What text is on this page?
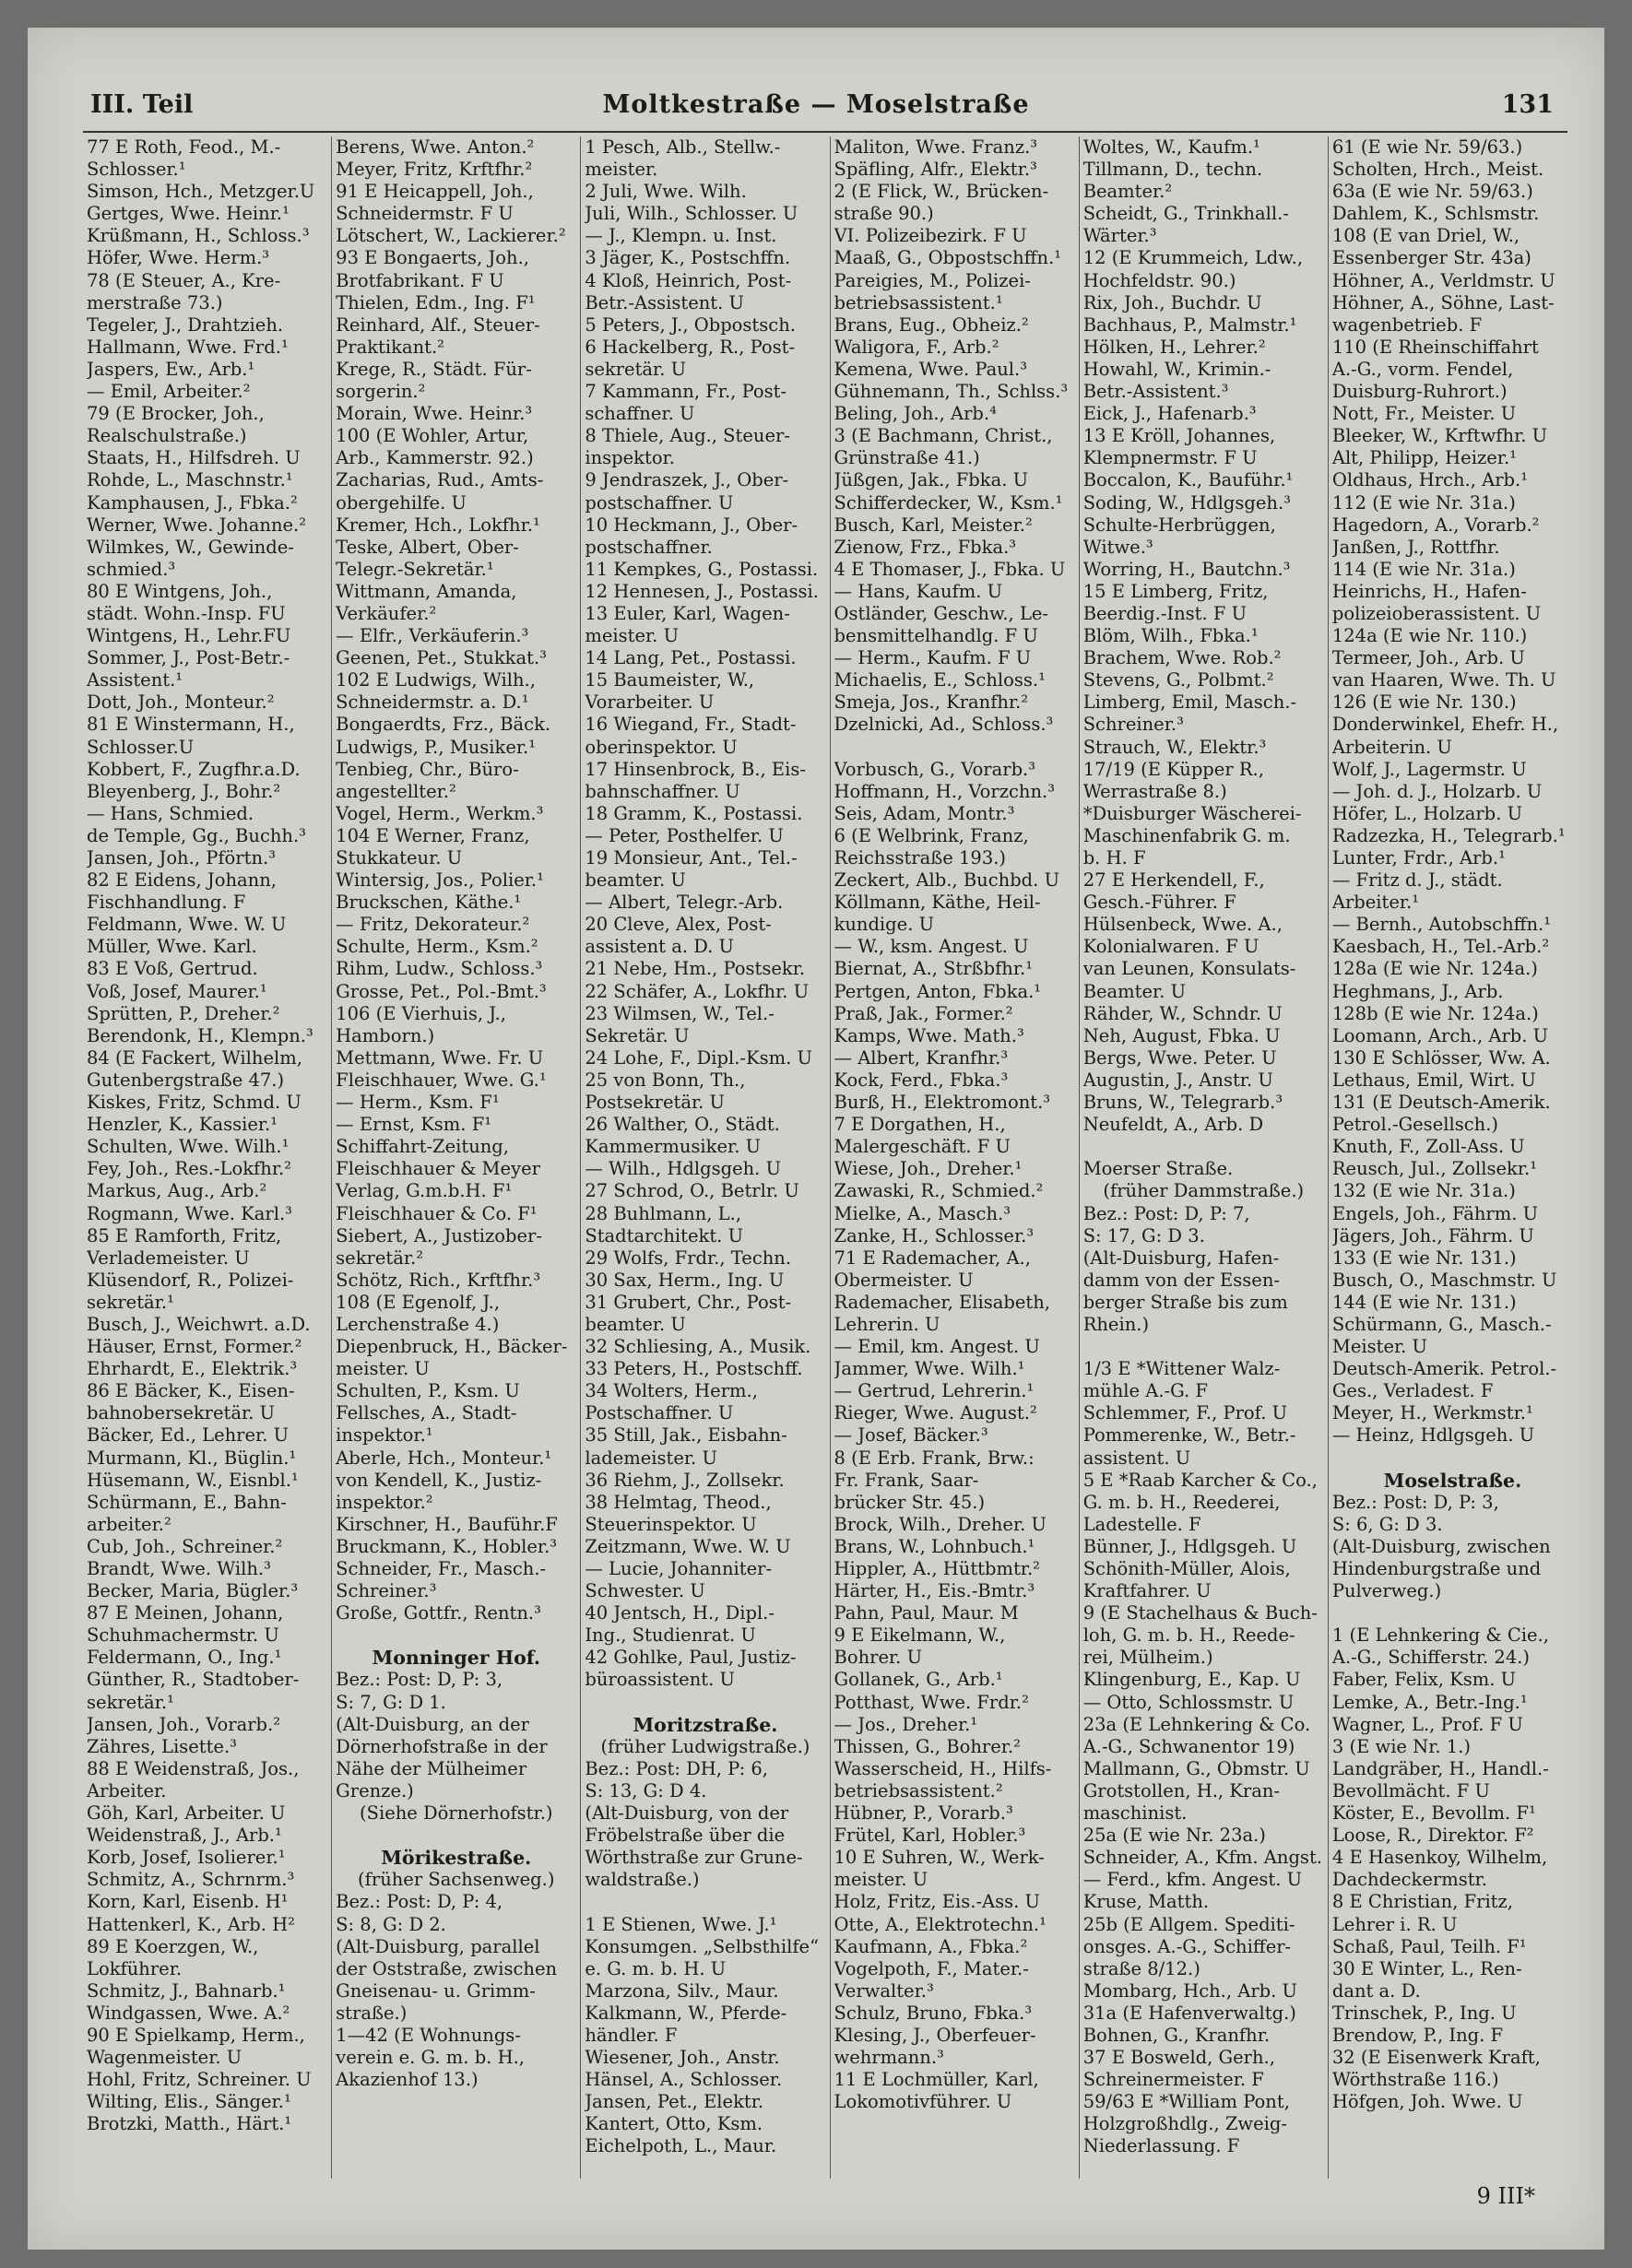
III. Teil	Moltkestraße — Moselstraße	131
77 E Roth, Feod., M.-
Schlosser.¹
Simson, Hch., Metzger.U
Gertges, Wwe. Heinr.¹
Krüßmann, H., Schloss.³
Höfer, Wwe. Herm.³
78 (E Steuer, A., Kre-
merstraße 73.)
Tegeler, J., Drahtzieh.
Hallmann, Wwe. Frd.¹
Jaspers, Ew., Arb.¹
— Emil, Arbeiter.²
79 (E Brocker, Joh.,
Realschulstraße.)
Staats, H., Hilfsdreh. U
Rohde, L., Maschnstr.¹
Kamphausen, J., Fbka.²
Werner, Wwe. Johanne.²
Wilmkes, W., Gewinde-
schmied.³
80 E Wintgens, Joh.,
städt. Wohn.-Insp. FU
Wintgens, H., Lehr.FU
Sommer, J., Post-Betr.-
Assistent.¹
Dott, Joh., Monteur.²
81 E Winstermann, H.,
Schlosser.U
Kobbert, F., Zugfhr.a.D.
Bleyenberg, J., Bohr.²
— Hans, Schmied.
de Temple, Gg., Buchh.³
Jansen, Joh., Pförtn.³
82 E Eidens, Johann,
Fischhandlung. F
Feldmann, Wwe. W. U
Müller, Wwe. Karl.
83 E Voß, Gertrud.
Voß, Josef, Maurer.¹
Sprütten, P., Dreher.²
Berendonk, H., Klempn.³
84 (E Fackert, Wilhelm,
Gutenbergstraße 47.)
Kiskes, Fritz, Schmd. U
Henzler, K., Kassier.¹
Schulten, Wwe. Wilh.¹
Fey, Joh., Res.-Lokfhr.²
Markus, Aug., Arb.²
Rogmann, Wwe. Karl.³
85 E Ramforth, Fritz,
Verlademeister. U
Klüsendorf, R., Polizei-
sekretär.¹
Busch, J., Weichwrt. a.D.
Häuser, Ernst, Former.²
Ehrhardt, E., Elektrik.³
86 E Bäcker, K., Eisen-
bahnobersekretär. U
Bäcker, Ed., Lehrer. U
Murmann, Kl., Büglin.¹
Hüsemann, W., Eisnbl.¹
Schürmann, E., Bahn-
arbeiter.²
Cub, Joh., Schreiner.²
Brandt, Wwe. Wilh.³
Becker, Maria, Bügler.³
87 E Meinen, Johann,
Schuhmachermstr. U
Feldermann, O., Ing.¹
Günther, R., Stadtober-
sekretär.¹
Jansen, Joh., Vorarb.²
Zähres, Lisette.³
88 E Weidenstraß, Jos.,
Arbeiter.
Göh, Karl, Arbeiter. U
Weidenstraß, J., Arb.¹
Korb, Josef, Isolierer.¹
Schmitz, A., Schrnrm.³
Korn, Karl, Eisenb. H¹
Hattenkerl, K., Arb. H²
89 E Koerzgen, W.,
Lokführer.
Schmitz, J., Bahnarb.¹
Windgassen, Wwe. A.²
90 E Spielkamp, Herm.,
Wagenmeister. U
Hohl, Fritz, Schreiner. U
Wilting, Elis., Sänger.¹
Brotzki, Matth., Härt.¹
Berens, Wwe. Anton.²
Meyer, Fritz, Krftfhr.²
91 E Heicappell, Joh.,
Schneidermstr. F U
Lötschert, W., Lackierer.²
93 E Bongaerts, Joh.,
Brotfabrikant. F U
Thielen, Edm., Ing. F¹
Reinhard, Alf., Steuer-
Praktikant.²
Krege, R., Städt. Für-
sorgerin.²
Morain, Wwe. Heinr.³
100 (E Wohler, Artur,
Arb., Kammerstr. 92.)
Zacharias, Rud., Amts-
obergehilfe. U
Kremer, Hch., Lokfhr.¹
Teske, Albert, Ober-
Telegr.-Sekretär.¹
Wittmann, Amanda,
Verkäufer.²
— Elfr., Verkäuferin.³
Geenen, Pet., Stukkat.³
102 E Ludwigs, Wilh.,
Schneidermstr. a. D.¹
Bongaerdts, Frz., Bäck.
Ludwigs, P., Musiker.¹
Tenbieg, Chr., Büro-
angestellter.²
Vogel, Herm., Werkm.³
104 E Werner, Franz,
Stukkateur. U
Wintersig, Jos., Polier.¹
Bruckschen, Käthe.¹
— Fritz, Dekorateur.²
Schulte, Herm., Ksm.²
Rihm, Ludw., Schloss.³
Grosse, Pet., Pol.-Bmt.³
106 (E Vierhuis, J.,
Hamborn.)
Mettmann, Wwe. Fr. U
Fleischhauer, Wwe. G.¹
— Herm., Ksm. F¹
— Ernst, Ksm. F¹
Schiffahrt-Zeitung,
Fleischhauer & Meyer
Verlag, G.m.b.H. F¹
Fleischhauer & Co. F¹
Siebert, A., Justizober-
sekretär.²
Schötz, Rich., Krftfhr.³
108 (E Egenolf, J.,
Lerchenstraße 4.)
Diepenbruck, H., Bäcker-
meister. U
Schulten, P., Ksm. U
Fellsches, A., Stadt-
inspektor.¹
Aberle, Hch., Monteur.¹
von Kendell, K., Justiz-
inspektor.²
Kirschner, H., Bauführ.F
Bruckmann, K., Hobler.³
Schneider, Fr., Masch.-
Schreiner.³
Große, Gottfr., Rentn.³
Monninger Hof.
Bez.: Post: D, P: 3,
S: 7, G: D 1.
(Alt-Duisburg, an der
Dörnerhofstraße in der
Nähe der Mülheimer
Grenze.)
(Siehe Dörnerhofstr.)
Mörikestraße.
(früher Sachsenweg.)
Bez.: Post: D, P: 4,
S: 8, G: D 2.
(Alt-Duisburg, parallel
der Oststraße, zwischen
Gneisenau- u. Grimm-
straße.)
1—42 (E Wohnungs-
verein e. G. m. b. H.,
Akazienhof 13.)
1 Pesch, Alb., Stellw.-
meister.
2 Juli, Wwe. Wilh.
Juli, Wilh., Schlosser. U
— J., Klempn. u. Inst.
3 Jäger, K., Postschffn.
4 Kloß, Heinrich, Post-
Betr.-Assistent. U
5 Peters, J., Obpostsch.
6 Hackelberg, R., Post-
sekretär. U
7 Kammann, Fr., Post-
schaffner. U
8 Thiele, Aug., Steuer-
inspektor.
9 Jendraszek, J., Ober-
postschaffner. U
10 Heckmann, J., Ober-
postschaffner.
11 Kempkes, G., Postassi.
12 Hennesen, J., Postassi.
13 Euler, Karl, Wagen-
meister. U
14 Lang, Pet., Postassi.
15 Baumeister, W.,
Vorarbeiter. U
16 Wiegand, Fr., Stadt-
oberinspektor. U
17 Hinsenbrock, B., Eis-
bahnschaffner. U
18 Gramm, K., Postassi.
— Peter, Posthelfer. U
19 Monsieur, Ant., Tel.-
beamter. U
— Albert, Telegr.-Arb.
20 Cleve, Alex, Post-
assistent a. D. U
21 Nebe, Hm., Postsekr.
22 Schäfer, A., Lokfhr. U
23 Wilmsen, W., Tel.-
Sekretär. U
24 Lohe, F., Dipl.-Ksm. U
25 von Bonn, Th.,
Postsekretär. U
26 Walther, O., Städt.
Kammermusiker. U
— Wilh., Hdlgsgeh. U
27 Schrod, O., Betrlr. U
28 Buhlmann, L.,
Stadtarchitekt. U
29 Wolfs, Frdr., Techn.
30 Sax, Herm., Ing. U
31 Grubert, Chr., Post-
beamter. U
32 Schliesing, A., Musik.
33 Peters, H., Postschff.
34 Wolters, Herm.,
Postschaffner. U
35 Still, Jak., Eisbahn-
lademeister. U
36 Riehm, J., Zollsekr.
38 Helmtag, Theod.,
Steuerinspektor. U
Zeitzmann, Wwe. W. U
— Lucie, Johanniter-
Schwester. U
40 Jentsch, H., Dipl.-
Ing., Studienrat. U
42 Gohlke, Paul, Justiz-
büroassistent. U
Moritzstraße.
(früher Ludwigstraße.)
Bez.: Post: DH, P: 6,
S: 13, G: D 4.
(Alt-Duisburg, von der
Fröbelstraße über die
Wörthstraße zur Grune-
waldstraße.)
1 E Stienen, Wwe. J.¹
Konsumgen. „Selbsthilfe“
e. G. m. b. H. U
Marzona, Silv., Maur.
Kalkmann, W., Pferde-
händler. F
Wiesener, Joh., Anstr.
Hänsel, A., Schlosser.
Jansen, Pet., Elektr.
Kantert, Otto, Ksm.
Eichelpoth, L., Maur.
Maliton, Wwe. Franz.³
Späfling, Alfr., Elektr.³
2 (E Flick, W., Brücken-
straße 90.)
VI. Polizeibezirk. F U
Maaß, G., Obpostschffn.¹
Pareigies, M., Polizei-
betriebsassistent.¹
Brans, Eug., Obheiz.²
Waligora, F., Arb.²
Kemena, Wwe. Paul.³
Gühnemann, Th., Schlss.³
Beling, Joh., Arb.⁴
3 (E Bachmann, Christ.,
Grünstraße 41.)
Jüßgen, Jak., Fbka. U
Schifferdecker, W., Ksm.¹
Busch, Karl, Meister.²
Zienow, Frz., Fbka.³
4 E Thomaser, J., Fbka. U
— Hans, Kaufm. U
Ostländer, Geschw., Le-
bensmittelhandlg. F U
— Herm., Kaufm. F U
Michaelis, E., Schloss.¹
Smeja, Jos., Kranfhr.²
Dzelnicki, Ad., Schloss.³
Vorbusch, G., Vorarb.³
Hoffmann, H., Vorzchn.³
Seis, Adam, Montr.³
6 (E Welbrink, Franz,
Reichsstraße 193.)
Zeckert, Alb., Buchbd. U
Köllmann, Käthe, Heil-
kundige. U
— W., ksm. Angest. U
Biernat, A., Strßbfhr.¹
Pertgen, Anton, Fbka.¹
Praß, Jak., Former.²
Kamps, Wwe. Math.³
— Albert, Kranfhr.³
Kock, Ferd., Fbka.³
Burß, H., Elektromont.³
7 E Dorgathen, H.,
Malergeschäft. F U
Wiese, Joh., Dreher.¹
Zawaski, R., Schmied.²
Mielke, A., Masch.³
Zanke, H., Schlosser.³
71 E Rademacher, A.,
Obermeister. U
Rademacher, Elisabeth,
Lehrerin. U
— Emil, km. Angest. U
Jammer, Wwe. Wilh.¹
— Gertrud, Lehrerin.¹
Rieger, Wwe. August.²
— Josef, Bäcker.³
8 (E Erb. Frank, Brw.:
Fr. Frank, Saar-
brücker Str. 45.)
Brock, Wilh., Dreher. U
Brans, W., Lohnbuch.¹
Hippler, A., Hüttbmtr.²
Härter, H., Eis.-Bmtr.³
Pahn, Paul, Maur. M
9 E Eikelmann, W.,
Bohrer. U
Gollanek, G., Arb.¹
Potthast, Wwe. Frdr.²
— Jos., Dreher.¹
Thissen, G., Bohrer.²
Wasserscheid, H., Hilfs-
betriebsassistent.²
Hübner, P., Vorarb.³
Frütel, Karl, Hobler.³
10 E Suhren, W., Werk-
meister. U
Holz, Fritz, Eis.-Ass. U
Otte, A., Elektrotechn.¹
Kaufmann, A., Fbka.²
Vogelpoth, F., Mater.-
Verwalter.³
Schulz, Bruno, Fbka.³
Klesing, J., Oberfeuer-
wehrmann.³
11 E Lochmüller, Karl,
Lokomotivführer. U
Woltes, W., Kaufm.¹
Tillmann, D., techn.
Beamter.²
Scheidt, G., Trinkhall.-
Wärter.³
12 (E Krummeich, Ldw.,
Hochfeldstr. 90.)
Rix, Joh., Buchdr. U
Bachhaus, P., Malmstr.¹
Hölken, H., Lehrer.²
Howahl, W., Krimin.-
Betr.-Assistent.³
Eick, J., Hafenarb.³
13 E Kröll, Johannes,
Klempnermstr. F U
Boccalon, K., Bauführ.¹
Soding, W., Hdlgsgeh.³
Schulte-Herbrüggen,
Witwe.³
Worring, H., Bautchn.³
15 E Limberg, Fritz,
Beerdig.-Inst. F U
Blöm, Wilh., Fbka.¹
Brachem, Wwe. Rob.²
Stevens, G., Polbmt.²
Limberg, Emil, Masch.-
Schreiner.³
Strauch, W., Elektr.³
17/19 (E Küpper R.,
Werrastraße 8.)
*Duisburger Wäscherei-
Maschinenfabrik G. m.
b. H. F
27 E Herkendell, F.,
Gesch.-Führer. F
Hülsenbeck, Wwe. A.,
Kolonialwaren. F U
van Leunen, Konsulats-
Beamter. U
Rähder, W., Schndr. U
Neh, August, Fbka. U
Bergs, Wwe. Peter. U
Augustin, J., Anstr. U
Bruns, W., Telegrarb.³
Neufeldt, A., Arb. D
Moerser Straße.
(früher Dammstraße.)
Bez.: Post: D, P: 7,
S: 17, G: D 3.
(Alt-Duisburg, Hafen-
damm von der Essen-
berger Straße bis zum
Rhein.)
1/3 E *Wittener Walz-
mühle A.-G. F
Schlemmer, F., Prof. U
Pommerenke, W., Betr.-
assistent. U
5 E *Raab Karcher & Co.,
G. m. b. H., Reederei,
Ladestelle. F
Bünner, J., Hdlgsgeh. U
Schönith-Müller, Alois,
Kraftfahrer. U
9 (E Stachelhaus & Buch-
loh, G. m. b. H., Reede-
rei, Mülheim.)
Klingenburg, E., Kap. U
— Otto, Schlossmstr. U
23a (E Lehnkering & Co.
A.-G., Schwanentor 19)
Mallmann, G., Obmstr. U
Grotstollen, H., Kran-
maschinist.
25a (E wie Nr. 23a.)
Schneider, A., Kfm. Angst.
— Ferd., kfm. Angest. U
Kruse, Matth.
25b (E Allgem. Spediti-
onsges. A.-G., Schiffer-
straße 8/12.)
Mombarg, Hch., Arb. U
31a (E Hafenverwaltg.)
Bohnen, G., Kranfhr.
37 E Bosweld, Gerh.,
Schreinermeister. F
59/63 E *William Pont,
Holzgroßhdlg., Zweig-
Niederlassung. F
61 (E wie Nr. 59/63.)
Scholten, Hrch., Meist.
63a (E wie Nr. 59/63.)
Dahlem, K., Schlsmstr.
108 (E van Driel, W.,
Essenberger Str. 43a)
Höhner, A., Verldmstr. U
Höhner, A., Söhne, Last-
wagenbetrieb. F
110 (E Rheinschiffahrt
A.-G., vorm. Fendel,
Duisburg-Ruhrort.)
Nott, Fr., Meister. U
Bleeker, W., Krftwfhr. U
Alt, Philipp, Heizer.¹
Oldhaus, Hrch., Arb.¹
112 (E wie Nr. 31a.)
Hagedorn, A., Vorarb.²
Janßen, J., Rottfhr.
114 (E wie Nr. 31a.)
Heinrichs, H., Hafen-
polizeioberassistent. U
124a (E wie Nr. 110.)
Termeer, Joh., Arb. U
van Haaren, Wwe. Th. U
126 (E wie Nr. 130.)
Donderwinkel, Ehefr. H.,
Arbeiterin. U
Wolf, J., Lagermstr. U
— Joh. d. J., Holzarb. U
Höfer, L., Holzarb. U
Radzezka, H., Telegrarb.¹
Lunter, Frdr., Arb.¹
— Fritz d. J., städt.
Arbeiter.¹
— Bernh., Autobschffn.¹
Kaesbach, H., Tel.-Arb.²
128a (E wie Nr. 124a.)
Heghmans, J., Arb.
128b (E wie Nr. 124a.)
Loomann, Arch., Arb. U
130 E Schlösser, Ww. A.
Lethaus, Emil, Wirt. U
131 (E Deutsch-Amerik.
Petrol.-Gesellsch.)
Knuth, F., Zoll-Ass. U
Reusch, Jul., Zollsekr.¹
132 (E wie Nr. 31a.)
Engels, Joh., Fährm. U
Jägers, Joh., Fährm. U
133 (E wie Nr. 131.)
Busch, O., Maschmstr. U
144 (E wie Nr. 131.)
Schürmann, G., Masch.-
Meister. U
Deutsch-Amerik. Petrol.-
Ges., Verladest. F
Meyer, H., Werkmstr.¹
— Heinz, Hdlgsgeh. U
Moselstraße.
Bez.: Post: D, P: 3,
S: 6, G: D 3.
(Alt-Duisburg, zwischen
Hindenburgstraße und
Pulverweg.)
1 (E Lehnkering & Cie.,
A.-G., Schifferstr. 24.)
Faber, Felix, Ksm. U
Lemke, A., Betr.-Ing.¹
Wagner, L., Prof. F U
3 (E wie Nr. 1.)
Landgräber, H., Handl.-
Bevollmächt. F U
Köster, E., Bevollm. F¹
Loose, R., Direktor. F²
4 E Hasenkoy, Wilhelm,
Dachdeckermstr.
8 E Christian, Fritz,
Lehrer i. R. U
Schaß, Paul, Teilh. F¹
30 E Winter, L., Ren-
dant a. D.
Trinschek, P., Ing. U
Brendow, P., Ing. F
32 (E Eisenwerk Kraft,
Wörthstraße 116.)
Höfgen, Joh. Wwe. U
9 III*
